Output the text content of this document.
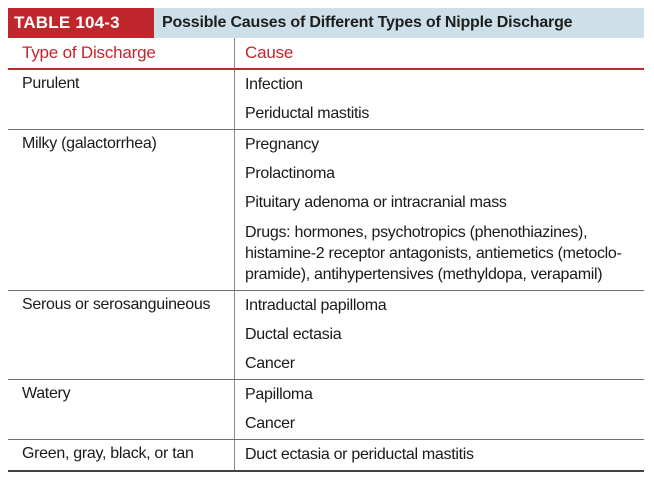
TABLE 104-3	Possible Causes of Different Types of Nipple Discharge
Type of Discharge	Cause
Purulent	Infection
Periductal mastitis
Milky (galactorrhea)	Pregnancy
Prolactinoma
Pituitary adenoma or intracranial mass
Drugs: hormones, psychotropics (phenothiazines),
histamine-2 receptor antagonists, antiemetics (metoclo-
pramide), antihypertensives (methyldopa, verapamil)
Serous or serosanguineous	Intraductal papilloma
Ductal ectasia
Cancer
Watery	Papilloma
Cancer
Green, gray, black, or tan	Duct ectasia or periductal mastitis
